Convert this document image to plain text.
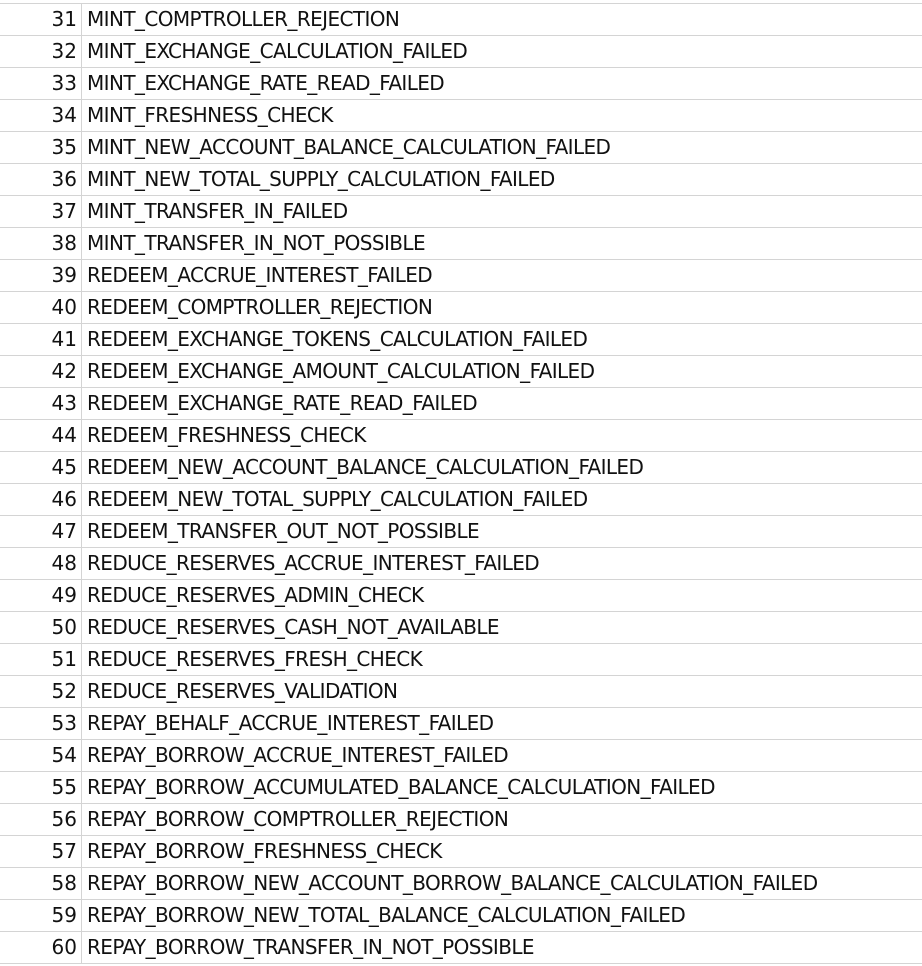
31 MINT_COMPTROLLER_REJECTION
32 MINT_EXCHANGE_CALCULATION_FAILED
33 MINT_EXCHANGE_RATE_READ_FAILED
34 MINT_FRESHNESS_CHECK
35 MINT_NEW_ACCOUNT_BALANCE_CALCULATION_FAILED
36 MINT_NEW_TOTAL_SUPPLY_CALCULATION_FAILED
37 MINT_TRANSFER_IN_FAILED
38 MINT_TRANSFER_IN_NOT_POSSIBLE
39 REDEEM_ACCRUE_INTEREST_FAILED
40 REDEEM_COMPTROLLER_REJECTION
41 REDEEM_EXCHANGE_TOKENS_CALCULATION_FAILED
42 REDEEM_EXCHANGE_AMOUNT_CALCULATION_FAILED
43 REDEEM_EXCHANGE_RATE_READ_FAILED
44 REDEEM_FRESHNESS_CHECK
45 REDEEM_NEW_ACCOUNT_BALANCE_CALCULATION_FAILED
46 REDEEM_NEW_TOTAL_SUPPLY_CALCULATION_FAILED
47 REDEEM_TRANSFER_OUT_NOT_POSSIBLE
48 REDUCE_RESERVES_ACCRUE_INTEREST_FAILED
49 REDUCE_RESERVES_ADMIN_CHECK
50 REDUCE_RESERVES_CASH_NOT_AVAILABLE
51 REDUCE_RESERVES_FRESH_CHECK
52 REDUCE_RESERVES_VALIDATION
53 REPAY_BEHALF_ACCRUE_INTEREST_FAILED
54 REPAY_BORROW_ACCRUE_INTEREST_FAILED
55 REPAY_BORROW_ACCUMULATED_BALANCE_CALCULATION_FAILED
56 REPAY_BORROW_COMPTROLLER_REJECTION
57 REPAY_BORROW_FRESHNESS_CHECK
58 REPAY_BORROW_NEW_ACCOUNT_BORROW_BALANCE_CALCULATION_FAILED
59 REPAY_BORROW_NEW_TOTAL_BALANCE_CALCULATION_FAILED
60 REPAY_BORROW_TRANSFER_IN_NOT_POSSIBLE
